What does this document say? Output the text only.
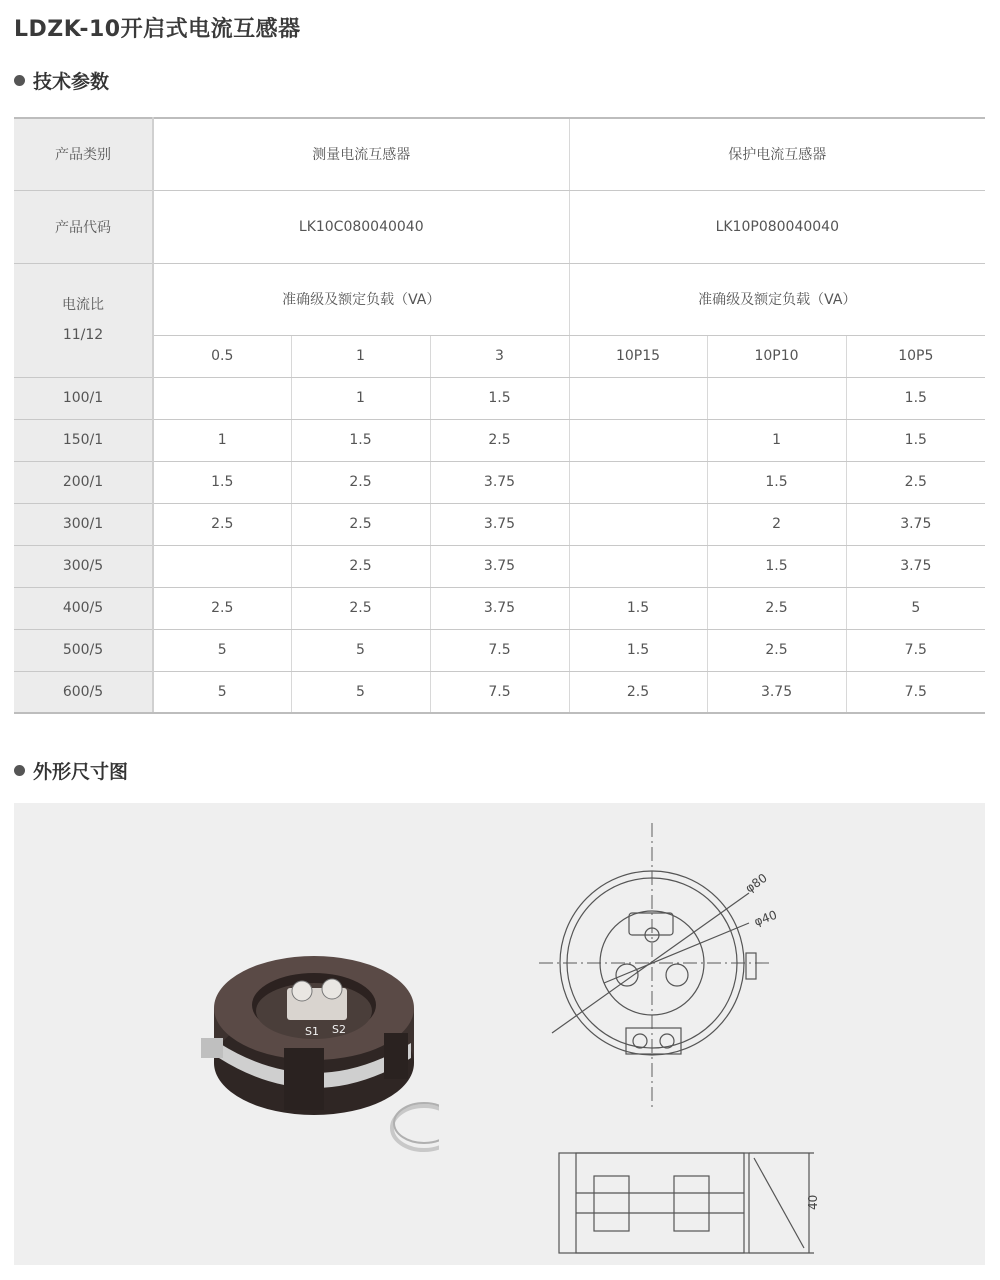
LDZK-10开启式电流互感器
技术参数
产品类别	测量电流互感器			保护电流互感器		
产品代码	LK10C080040040			LK10P080040040		

电流比
11/12	准确级及额定负载（VA）			准确级及额定负载（VA）		
	0.5	1	3	10P15	10P10	10P5
100/1		1	1.5			1.5
150/1	1	1.5	2.5		1	1.5
200/1	1.5	2.5	3.75		1.5	2.5
300/1	2.5	2.5	3.75		2	3.75
300/5		2.5	3.75		1.5	3.75
400/5	2.5	2.5	3.75	1.5	2.5	5
500/5	5	5	7.5	1.5	2.5	7.5
600/5	5	5	7.5	2.5	3.75	7.5
外形尺寸图
S1 S2
φ80
φ40
40
